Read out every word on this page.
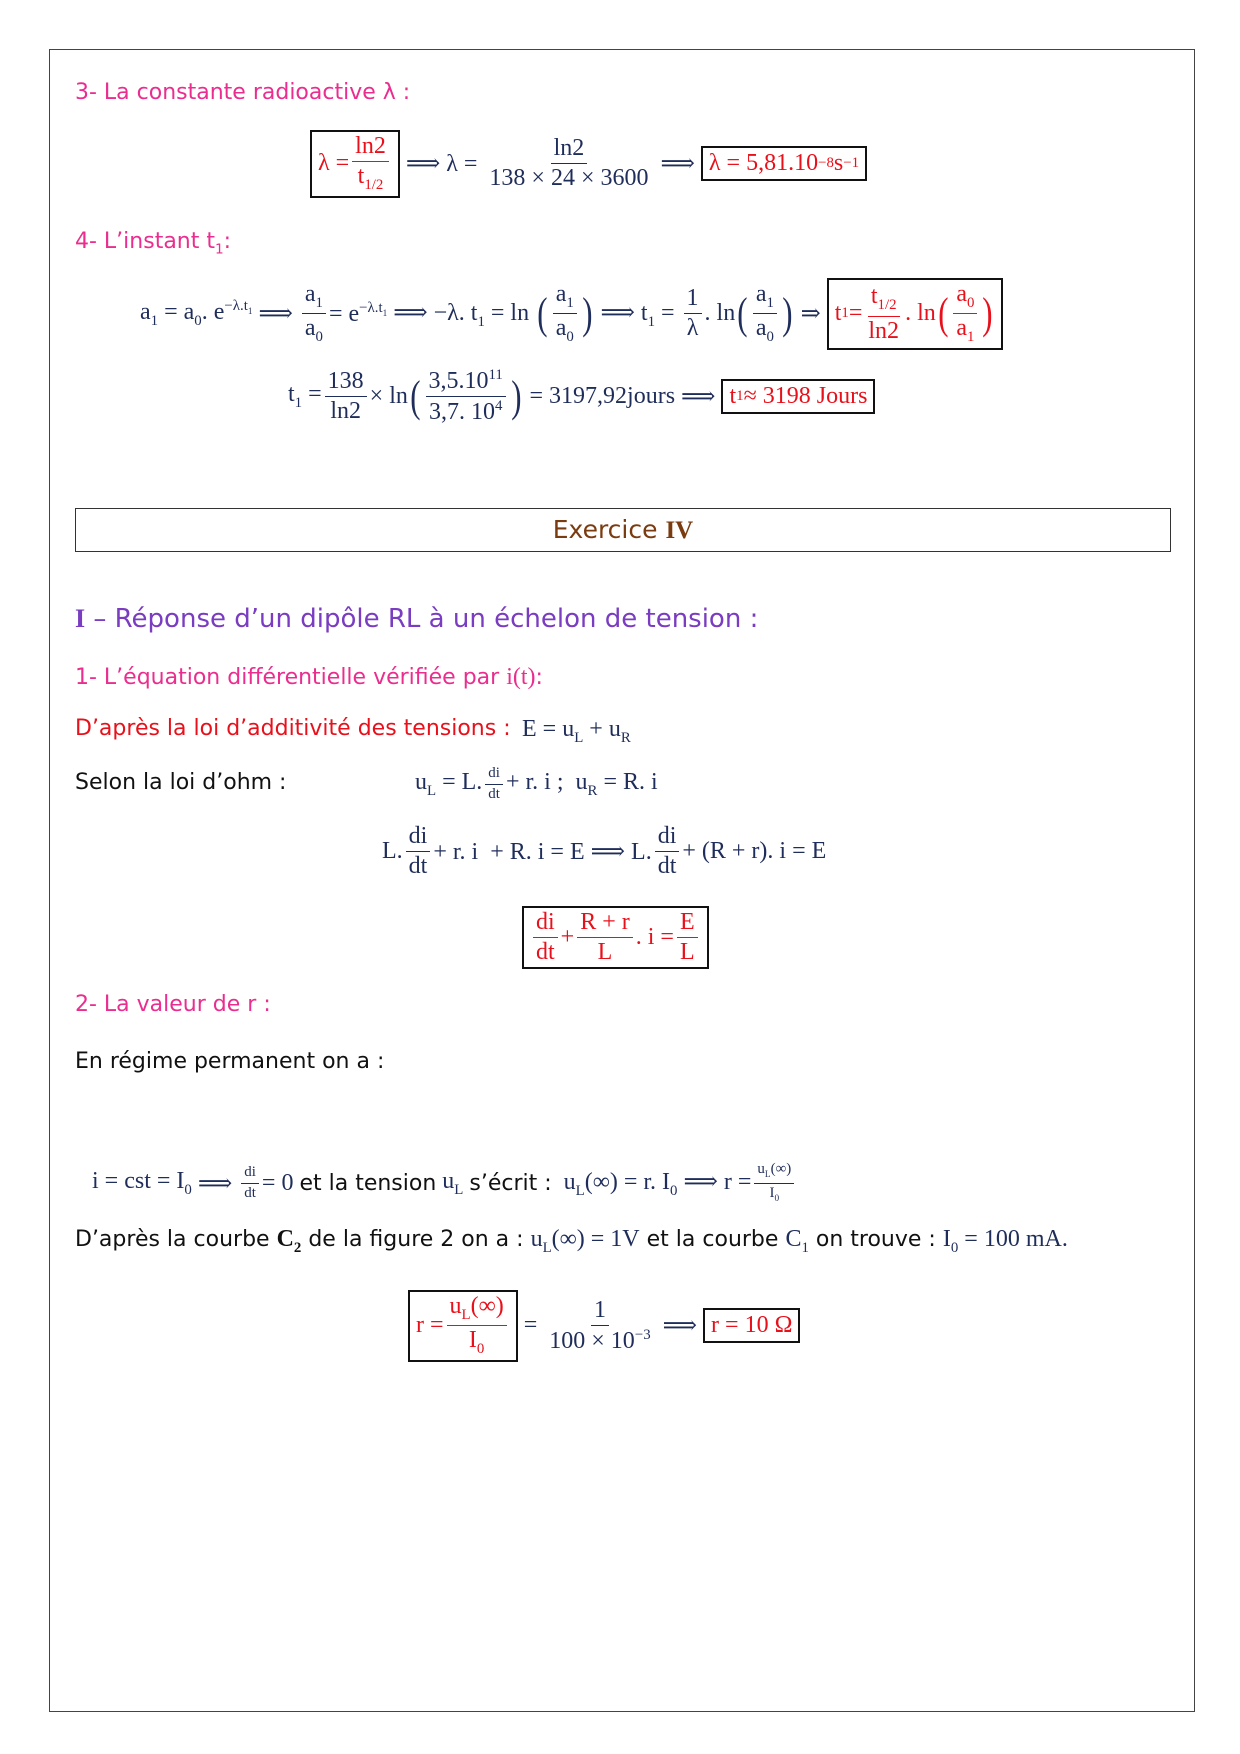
3- La constante radioactive λ :
$\lambda = \frac{\ln 2}{t_{1/2}}$ ⟹ $\lambda = \frac{\ln 2}{138 \times 24 \times 3600}$ ⟹ λ = 5,81.10 −8 s −1
4- L’instant $t_1$:
$a_1 = a_0$. $e^{-\lambda.t_1}$ ⟹ $\frac{a_1}{a_0} = e^{-\lambda.t_1}$ ⟹ −λ. $t_1 = \ln$ ( $\frac{a_1}{a_0}$ ) ⟹ $t_1 = \frac{1}{\lambda}$ . ln ( $\frac{a_1}{a_0}$ ) ⇒ t $1 = \frac{t_{1/2}}{\ln 2}$ . ln ( $\frac{a_0}{a_1}$ )
$t_1 = \frac{138}{\ln 2} \times \ln$ ( $\frac{3,5.10^{11}}{3,7. 10^4}$ ) = 3197,92jours ⟹ t 1 ≈ 3198 Jours
Exercice IV
I – Réponse d’un dipôle RL à un échelon de tension :
1- L’équation différentielle vérifiée par i(t):
D’après la loi d’additivité des tensions : $E = u_L + u_R$
Selon la loi d’ohm :	$u_L = L$. $\frac{di}{dt} + r$. i ;  $u_R = R$. i
L. $\frac{di}{dt} + r$. i  + R. i = E ⟹ L. $\frac{di}{dt} + (R + r)$. i = E
$\frac{di}{dt} + \frac{R + r}{L}$ . $i = \frac{E}{L}$
2- La valeur de r :
En régime permanent on a :
i = cst = $I_0$ ⟹ $\frac{di}{dt} = 0$ et la tension $u_L$ s’écrit : $u_L(\infty) = r$. $I_0$ ⟹ $r = \frac{u_L(\infty)}{I_0}$
D’après la courbe $C_2$ de la figure 2 on a : $u_L(\infty) = 1V$ et la courbe $C_1$ on trouve : $I_0 = 100$ mA.
$r = \frac{u_L(\infty)}{I_0} = \frac{1}{100 \times 10^{-3}}$ ⟹ r = 10 Ω
